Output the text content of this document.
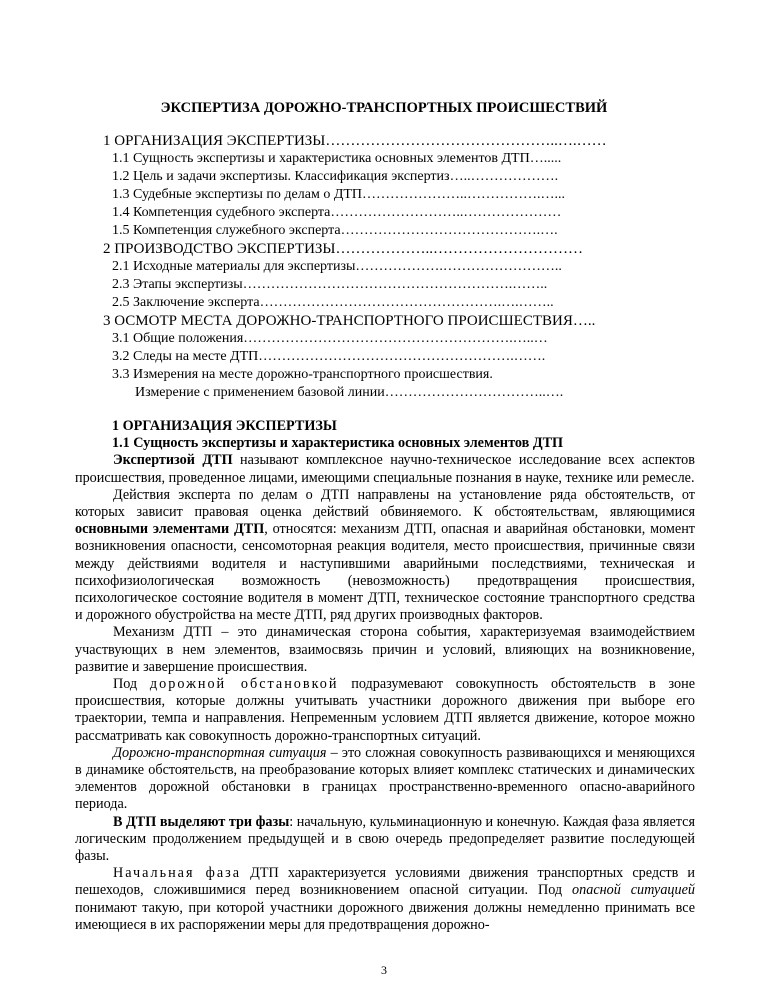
ЭКСПЕРТИЗА ДОРОЖНО-ТРАНСПОРТНЫХ ПРОИСШЕСТВИЙ
1 ОРГАНИЗАЦИЯ ЭКСПЕРТИЗЫ………………………………………..….……
1.1 Сущность экспертизы и характеристика основных элементов ДТП….....
1.2 Цель и задачи экспертизы. Классификация экспертиз…..……………….
1.3 Судебные экспертизы по делам о ДТП…………………..…………….…...
1.4 Компетенция судебного эксперта………………………..…………………
1.5 Компетенция служебного эксперта…………………………………….….
2 ПРОИЗВОДСТВО ЭКСПЕРТИЗЫ………………..…………………………
2.1 Исходные материалы для экспертизы……………….……………………..
2.3 Этапы экспертизы………………………………………………….……..
2.5 Заключение эксперта…………………………………………….….……..
3 ОСМОТР МЕСТА ДОРОЖНО-ТРАНСПОРТНОГО ПРОИСШЕСТВИЯ…..
3.1 Общие положения………………………………………………….…..…
3.2 Следы на месте ДТП……………………………………………….…….
3.3 Измерения на месте дорожно-транспортного происшествия.
Измерение с применением базовой линии……………………………..….

1 ОРГАНИЗАЦИЯ ЭКСПЕРТИЗЫ

1.1 Сущность экспертизы и характеристика основных элементов ДТП

Экспертизой ДТП называют комплексное научно-техническое исследование всех аспектов происшествия, проведенное лицами, имеющими специальные познания в науке, технике или ремесле.

Действия эксперта по делам о ДТП направлены на установление ряда обстоятельств, от которых зависит правовая оценка действий обвиняемого. К обстоятельствам, являющимися основными элементами ДТП, относятся: механизм ДТП, опасная и аварийная обстановки, момент возникновения опасности, сенсомоторная реакция водителя, место происшествия, причинные связи между действиями водителя и наступившими аварийными последствиями, техническая и психофизиологическая возможность (невозможность) предотвращения происшествия, психологическое состояние водителя в момент ДТП, техническое состояние транспортного средства и дорожного обустройства на месте ДТП, ряд других производных факторов.

Механизм ДТП – это динамическая сторона события, характеризуемая взаимодействием участвующих в нем элементов, взаимосвязь причин и условий, влияющих на возникновение, развитие и завершение происшествия.

Под дорожной обстановкой подразумевают совокупность обстоятельств в зоне происшествия, которые должны учитывать участники дорожного движения при выборе его траектории, темпа и направления. Непременным условием ДТП является движение, которое можно рассматривать как совокупность дорожно-транспортных ситуаций.

Дорожно-транспортная ситуация – это сложная совокупность развивающихся и меняющихся в динамике обстоятельств, на преобразование которых влияет комплекс статических и динамических элементов дорожной обстановки в границах пространственно-временного опасно-аварийного периода.

В ДТП выделяют три фазы: начальную, кульминационную и конечную. Каждая фаза является логическим продолжением предыдущей и в свою очередь предопределяет развитие последующей фазы.

Начальная фаза ДТП характеризуется условиями движения транспортных средств и пешеходов, сложившимися перед возникновением опасной ситуации. Под опасной ситуацией понимают такую, при которой участники дорожного движения должны немедленно принимать все имеющиеся в их распоряжении меры для предотвращения дорожно-

3
